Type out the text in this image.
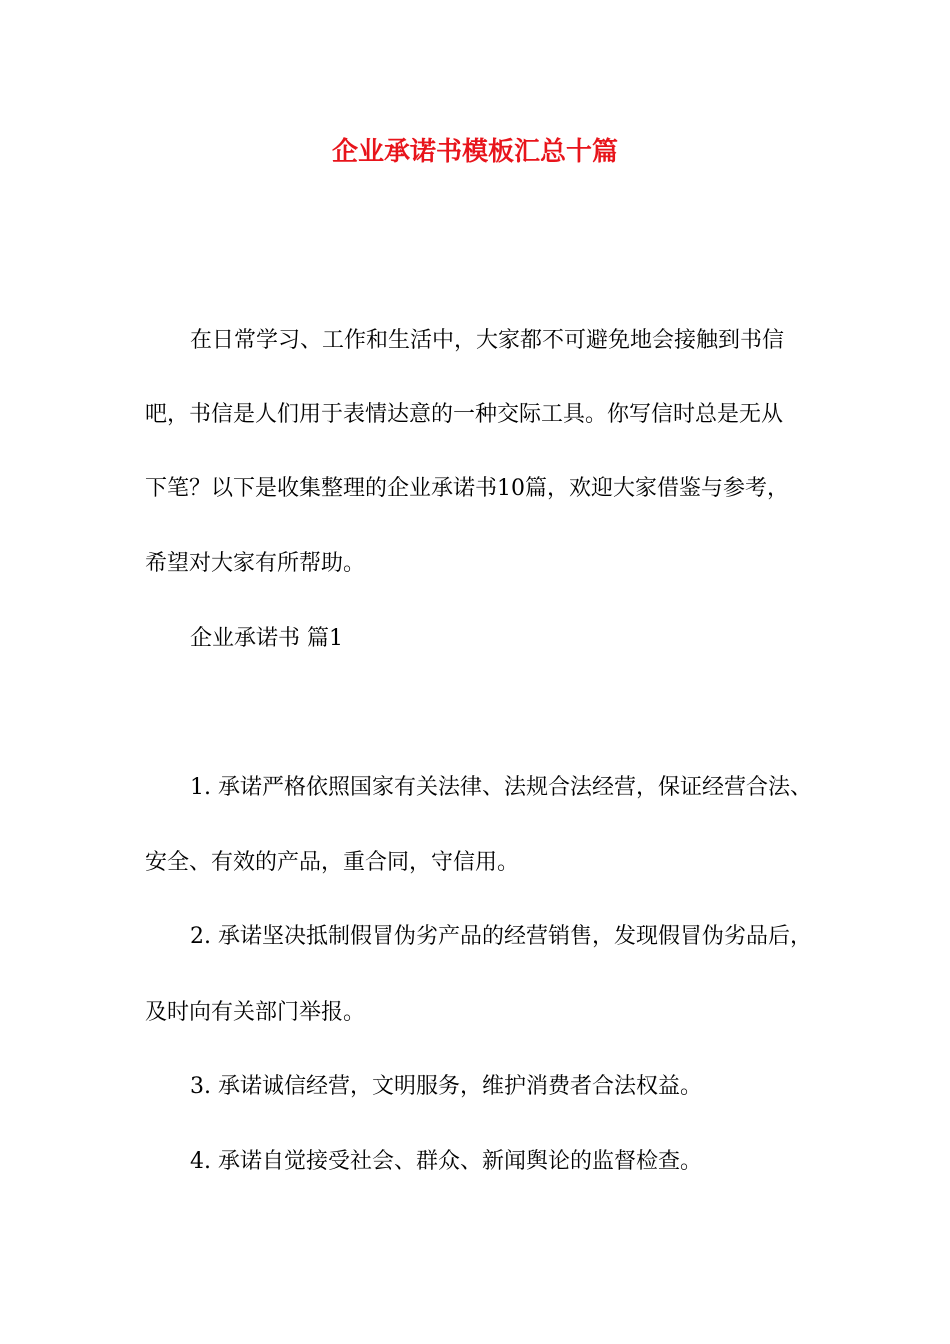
企业承诺书模板汇总十篇

在日常学习、工作和生活中，大家都不可避免地会接触到书信

吧，书信是人们用于表情达意的一种交际工具。你写信时总是无从

下笔？以下是收集整理的企业承诺书10篇，欢迎大家借鉴与参考，

希望对大家有所帮助。

企业承诺书 篇1

1. 承诺严格依照国家有关法律、法规合法经营，保证经营合法、

安全、有效的产品，重合同，守信用。

2. 承诺坚决抵制假冒伪劣产品的经营销售，发现假冒伪劣品后，

及时向有关部门举报。

3. 承诺诚信经营，文明服务，维护消费者合法权益。

4. 承诺自觉接受社会、群众、新闻舆论的监督检查。
